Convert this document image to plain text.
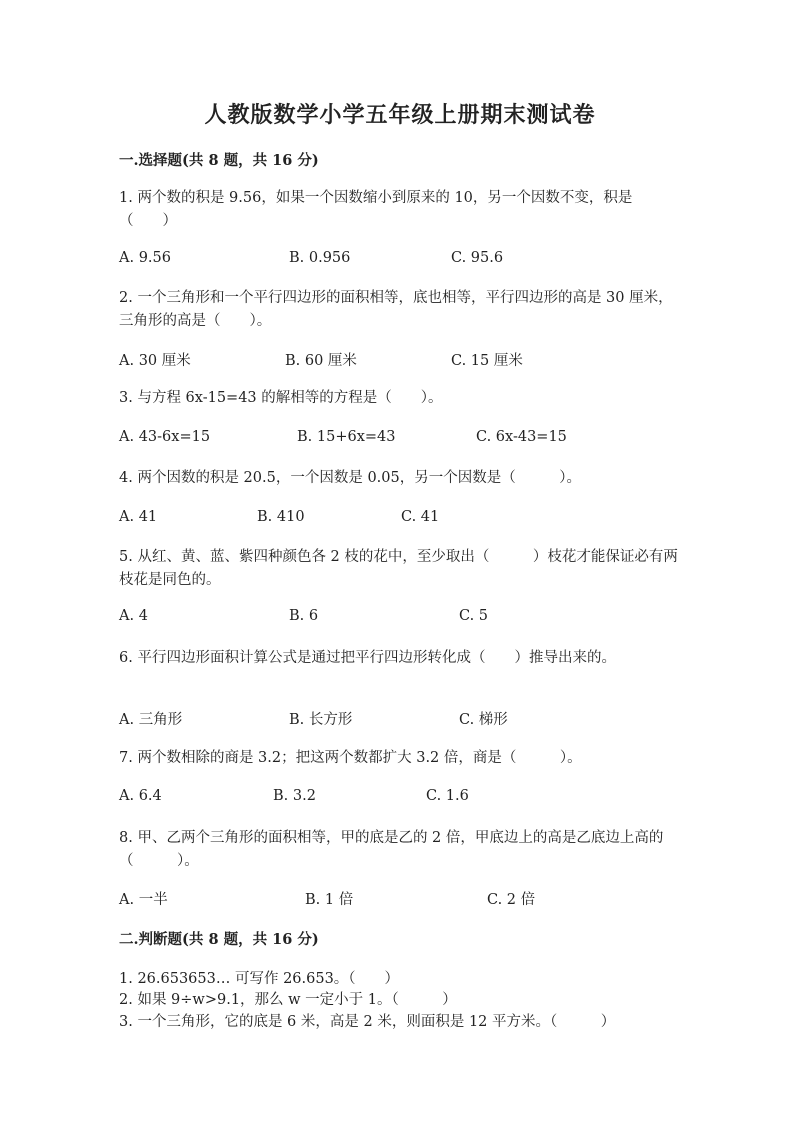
人教版数学小学五年级上册期末测试卷
一.选择题(共 8 题，共 16 分)
1. 两个数的积是 9.56，如果一个因数缩小到原来的 10，另一个因数不变，积是（　　）
A. 9.56	B. 0.956	C. 95.6
2. 一个三角形和一个平行四边形的面积相等，底也相等，平行四边形的高是 30 厘米，三角形的高是（　　）。
A. 30 厘米	B. 60 厘米	C. 15 厘米
3. 与方程 6x-15=43 的解相等的方程是（　　）。
A. 43-6x=15	B. 15+6x=43	C. 6x-43=15
4. 两个因数的积是 20.5，一个因数是 0.05，另一个因数是（　　　）。
A. 41	B. 410	C. 41
5. 从红、黄、蓝、紫四种颜色各 2 枝的花中，至少取出（　　　）枝花才能保证必有两枝花是同色的。
A. 4	B. 6	C. 5
6. 平行四边形面积计算公式是通过把平行四边形转化成（　　）推导出来的。
A. 三角形	B. 长方形	C. 梯形
7. 两个数相除的商是 3.2；把这两个数都扩大 3.2 倍，商是（　　　）。
A. 6.4	B. 3.2	C. 1.6
8. 甲、乙两个三角形的面积相等，甲的底是乙的 2 倍，甲底边上的高是乙底边上高的（　　　）。
A. 一半	B. 1 倍	C. 2 倍
二.判断题(共 8 题，共 16 分)
1. 26.653653… 可写作 26.653。（　　）
2. 如果 9÷w>9.1，那么 w 一定小于 1。（　　　）
3. 一个三角形，它的底是 6 米，高是 2 米，则面积是 12 平方米。（　　　）
